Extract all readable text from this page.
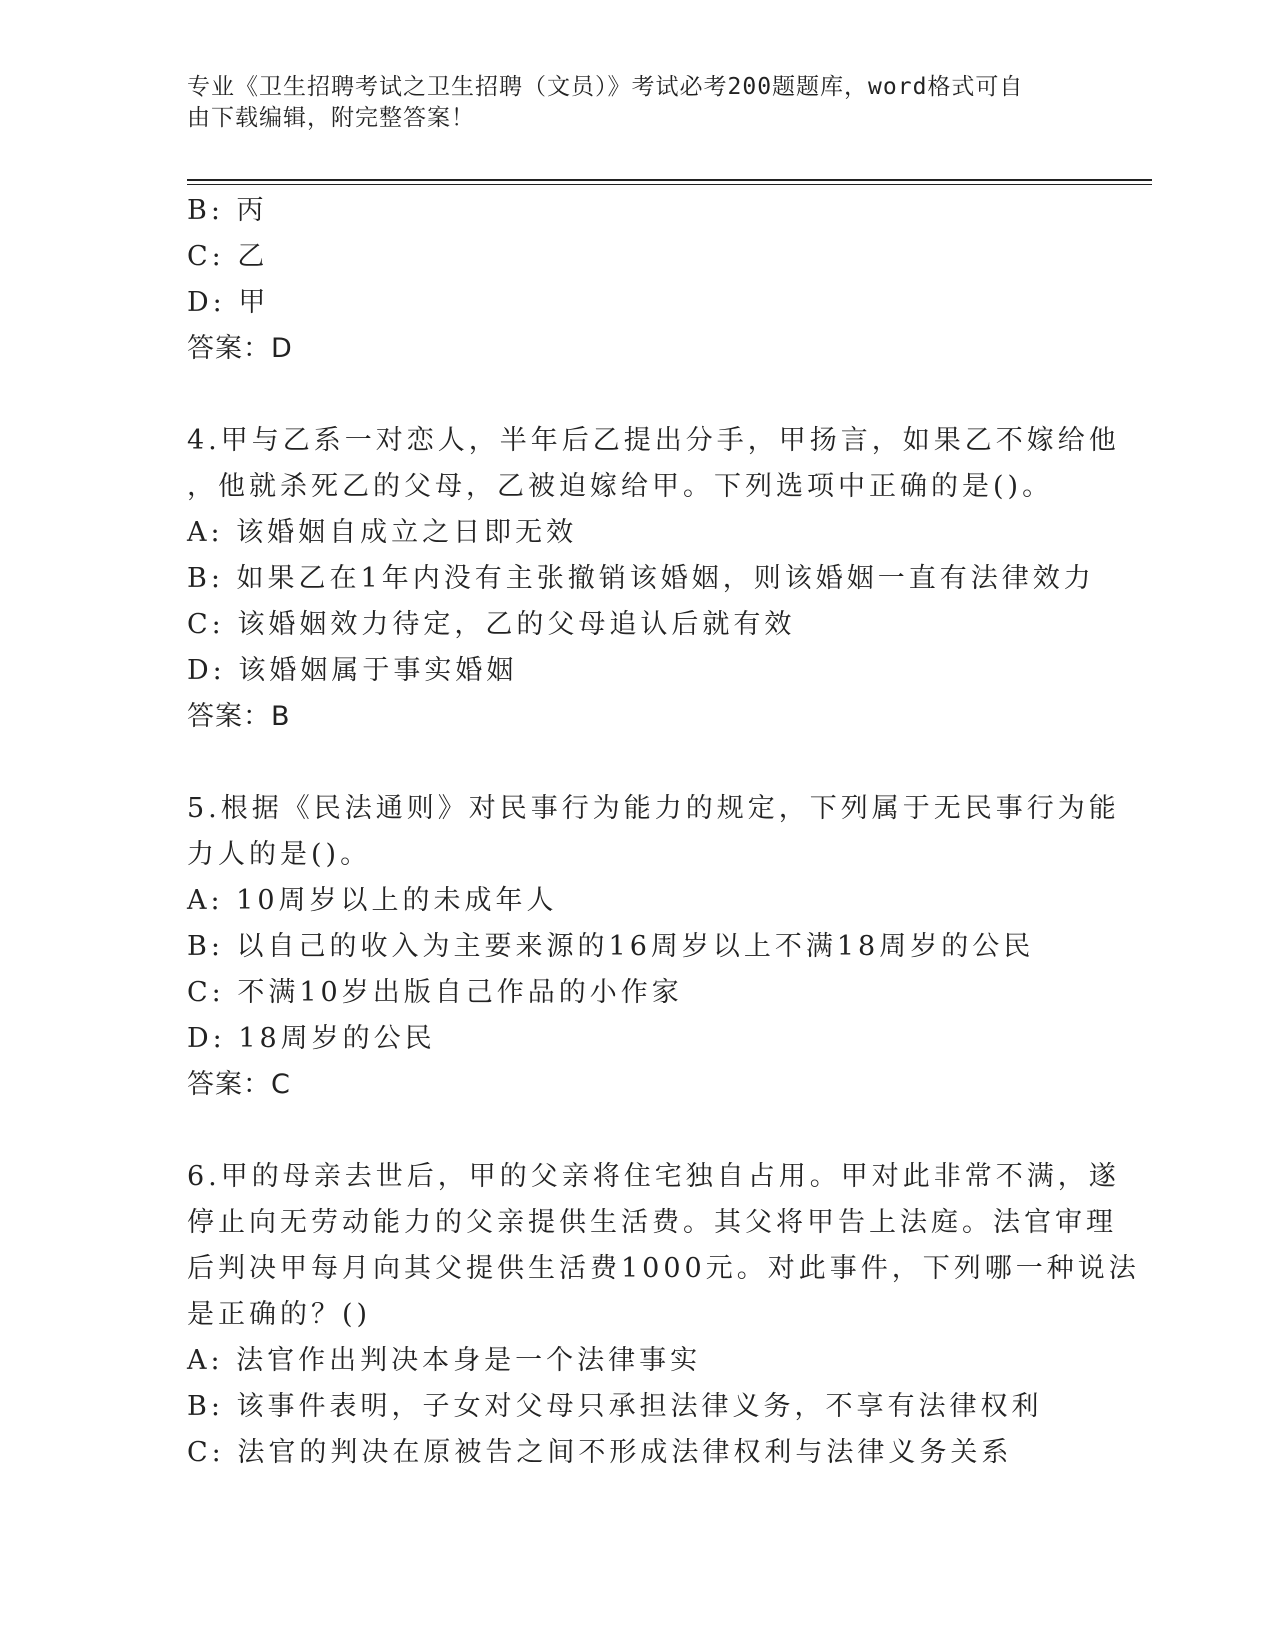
专业《卫生招聘考试之卫生招聘（文员）》考试必考200题题库，word格式可自
由下载编辑，附完整答案！
B: 丙
C: 乙
D: 甲
答案：D
4.甲与乙系一对恋人，半年后乙提出分手，甲扬言，如果乙不嫁给他
，他就杀死乙的父母，乙被迫嫁给甲。下列选项中正确的是()。
A: 该婚姻自成立之日即无效
B: 如果乙在1年内没有主张撤销该婚姻，则该婚姻一直有法律效力
C: 该婚姻效力待定，乙的父母追认后就有效
D: 该婚姻属于事实婚姻
答案：B
5.根据《民法通则》对民事行为能力的规定，下列属于无民事行为能
力人的是()。
A: 10周岁以上的未成年人
B: 以自己的收入为主要来源的16周岁以上不满18周岁的公民
C: 不满10岁出版自己作品的小作家
D: 18周岁的公民
答案：C
6.甲的母亲去世后，甲的父亲将住宅独自占用。甲对此非常不满，遂
停止向无劳动能力的父亲提供生活费。其父将甲告上法庭。法官审理
后判决甲每月向其父提供生活费1000元。对此事件，下列哪一种说法
是正确的？()
A: 法官作出判决本身是一个法律事实
B: 该事件表明，子女对父母只承担法律义务，不享有法律权利
C: 法官的判决在原被告之间不形成法律权利与法律义务关系
